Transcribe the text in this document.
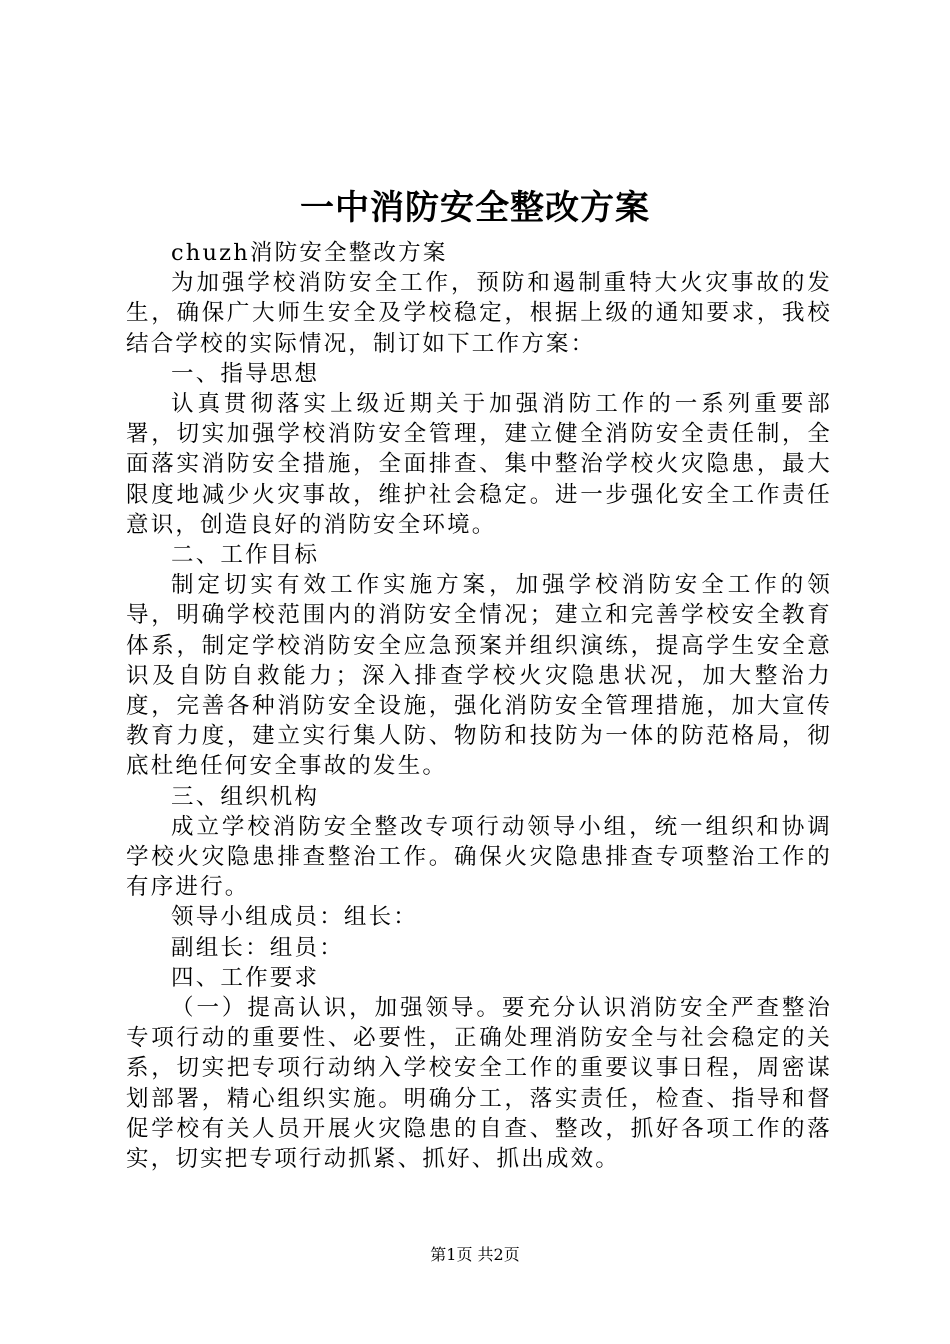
一中消防安全整改方案

chuzh消防安全整改方案

为加强学校消防安全工作，预防和遏制重特大火灾事故的发生，确保广大师生安全及学校稳定，根据上级的通知要求，我校结合学校的实际情况，制订如下工作方案：

一、指导思想

认真贯彻落实上级近期关于加强消防工作的一系列重要部署，切实加强学校消防安全管理，建立健全消防安全责任制，全面落实消防安全措施，全面排查、集中整治学校火灾隐患，最大限度地减少火灾事故，维护社会稳定。进一步强化安全工作责任意识，创造良好的消防安全环境。

二、工作目标

制定切实有效工作实施方案，加强学校消防安全工作的领导，明确学校范围内的消防安全情况；建立和完善学校安全教育体系，制定学校消防安全应急预案并组织演练，提高学生安全意识及自防自救能力；深入排查学校火灾隐患状况，加大整治力度，完善各种消防安全设施，强化消防安全管理措施，加大宣传教育力度，建立实行集人防、物防和技防为一体的防范格局，彻底杜绝任何安全事故的发生。

三、组织机构

成立学校消防安全整改专项行动领导小组，统一组织和协调学校火灾隐患排查整治工作。确保火灾隐患排查专项整治工作的有序进行。

领导小组成员：组长：

副组长：组员：

四、工作要求

（一）提高认识，加强领导。要充分认识消防安全严查整治专项行动的重要性、必要性，正确处理消防安全与社会稳定的关系，切实把专项行动纳入学校安全工作的重要议事日程，周密谋划部署，精心组织实施。明确分工，落实责任，检查、指导和督促学校有关人员开展火灾隐患的自查、整改，抓好各项工作的落实，切实把专项行动抓紧、抓好、抓出成效。

第1页 共2页
